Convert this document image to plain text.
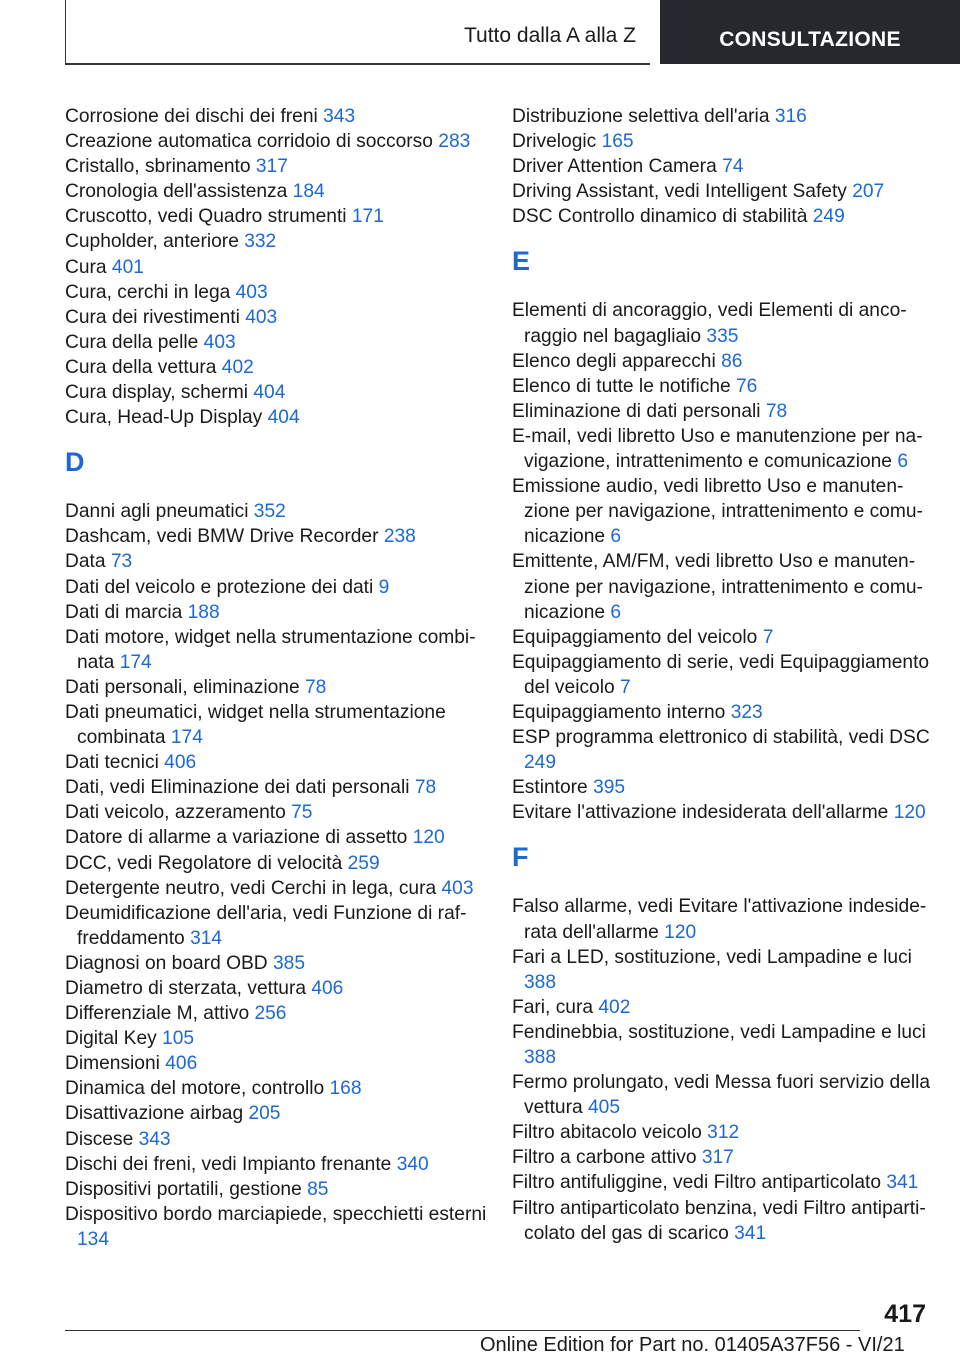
Tutto dalla A alla Z	CONSULTAZIONE
Corrosione dei dischi dei freni 343
Creazione automatica corridoio di soccorso 283
Cristallo, sbrinamento 317
Cronologia dell'assistenza 184
Cruscotto, vedi Quadro strumenti 171
Cupholder, anteriore 332
Cura 401
Cura, cerchi in lega 403
Cura dei rivestimenti 403
Cura della pelle 403
Cura della vettura 402
Cura display, schermi 404
Cura, Head-Up Display 404
D
Danni agli pneumatici 352
Dashcam, vedi BMW Drive Recorder 238
Data 73
Dati del veicolo e protezione dei dati 9
Dati di marcia 188
Dati motore, widget nella strumentazione combi-nata 174
Dati personali, eliminazione 78
Dati pneumatici, widget nella strumentazione combinata 174
Dati tecnici 406
Dati, vedi Eliminazione dei dati personali 78
Dati veicolo, azzeramento 75
Datore di allarme a variazione di assetto 120
DCC, vedi Regolatore di velocità 259
Detergente neutro, vedi Cerchi in lega, cura 403
Deumidificazione dell'aria, vedi Funzione di raf-freddamento 314
Diagnosi on board OBD 385
Diametro di sterzata, vettura 406
Differenziale M, attivo 256
Digital Key 105
Dimensioni 406
Dinamica del motore, controllo 168
Disattivazione airbag 205
Discese 343
Dischi dei freni, vedi Impianto frenante 340
Dispositivi portatili, gestione 85
Dispositivo bordo marciapiede, specchietti esterni 134
Distribuzione selettiva dell'aria 316
Drivelogic 165
Driver Attention Camera 74
Driving Assistant, vedi Intelligent Safety 207
DSC Controllo dinamico di stabilità 249
E
Elementi di ancoraggio, vedi Elementi di anco-raggio nel bagagliaio 335
Elenco degli apparecchi 86
Elenco di tutte le notifiche 76
Eliminazione di dati personali 78
E-mail, vedi libretto Uso e manutenzione per na-vigazione, intrattenimento e comunicazione 6
Emissione audio, vedi libretto Uso e manuten-zione per navigazione, intrattenimento e comu-nicazione 6
Emittente, AM/FM, vedi libretto Uso e manuten-zione per navigazione, intrattenimento e comu-nicazione 6
Equipaggiamento del veicolo 7
Equipaggiamento di serie, vedi Equipaggiamento del veicolo 7
Equipaggiamento interno 323
ESP programma elettronico di stabilità, vedi DSC 249
Estintore 395
Evitare l'attivazione indesiderata dell'allarme 120
F
Falso allarme, vedi Evitare l'attivazione indeside-rata dell'allarme 120
Fari a LED, sostituzione, vedi Lampadine e luci 388
Fari, cura 402
Fendinebbia, sostituzione, vedi Lampadine e luci 388
Fermo prolungato, vedi Messa fuori servizio della vettura 405
Filtro abitacolo veicolo 312
Filtro a carbone attivo 317
Filtro antifuliggine, vedi Filtro antiparticolato 341
Filtro antiparticolato benzina, vedi Filtro antiparti-colato del gas di scarico 341
417
Online Edition for Part no. 01405A37F56 - VI/21
